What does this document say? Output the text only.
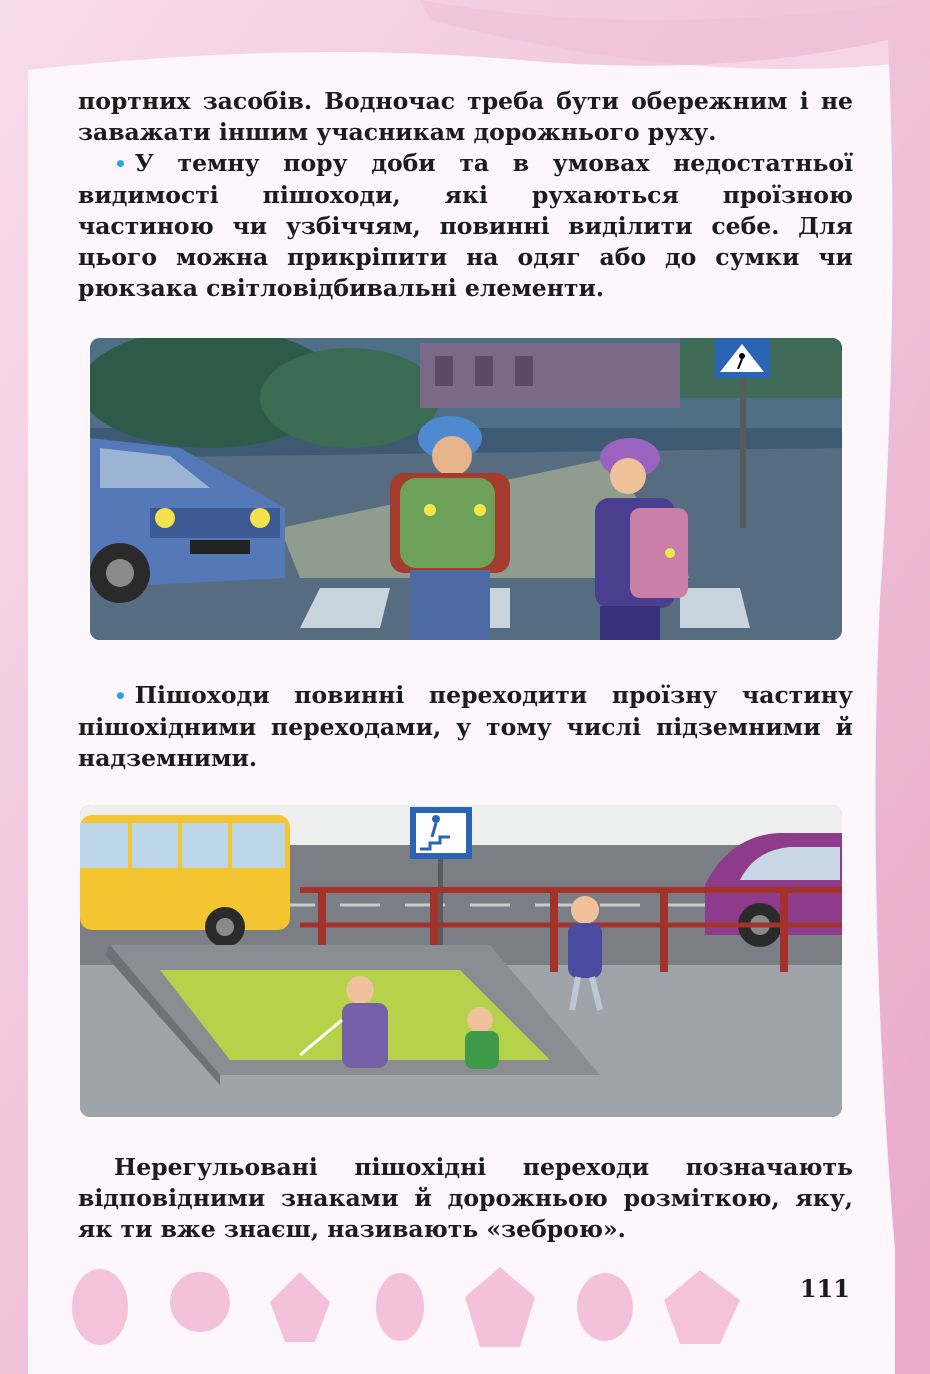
портних засобів. Водночас треба бути обережним і не заважати іншим учасникам дорожнього руху.
• У темну пору доби та в умовах недостатньої видимості пішоходи, які рухаються проїзною частиною чи узбіччям, повинні виділити себе. Для цього можна прикріпити на одяг або до сумки чи рюкзака світловідбивальні елементи.
• Пішоходи повинні переходити проїзну частину пішохідними переходами, у тому числі підземними й надземними.
Нерегульовані пішохідні переходи позначають відповідними знаками й дорожньою розміткою, яку, як ти вже знаєш, називають «зеброю».
111
